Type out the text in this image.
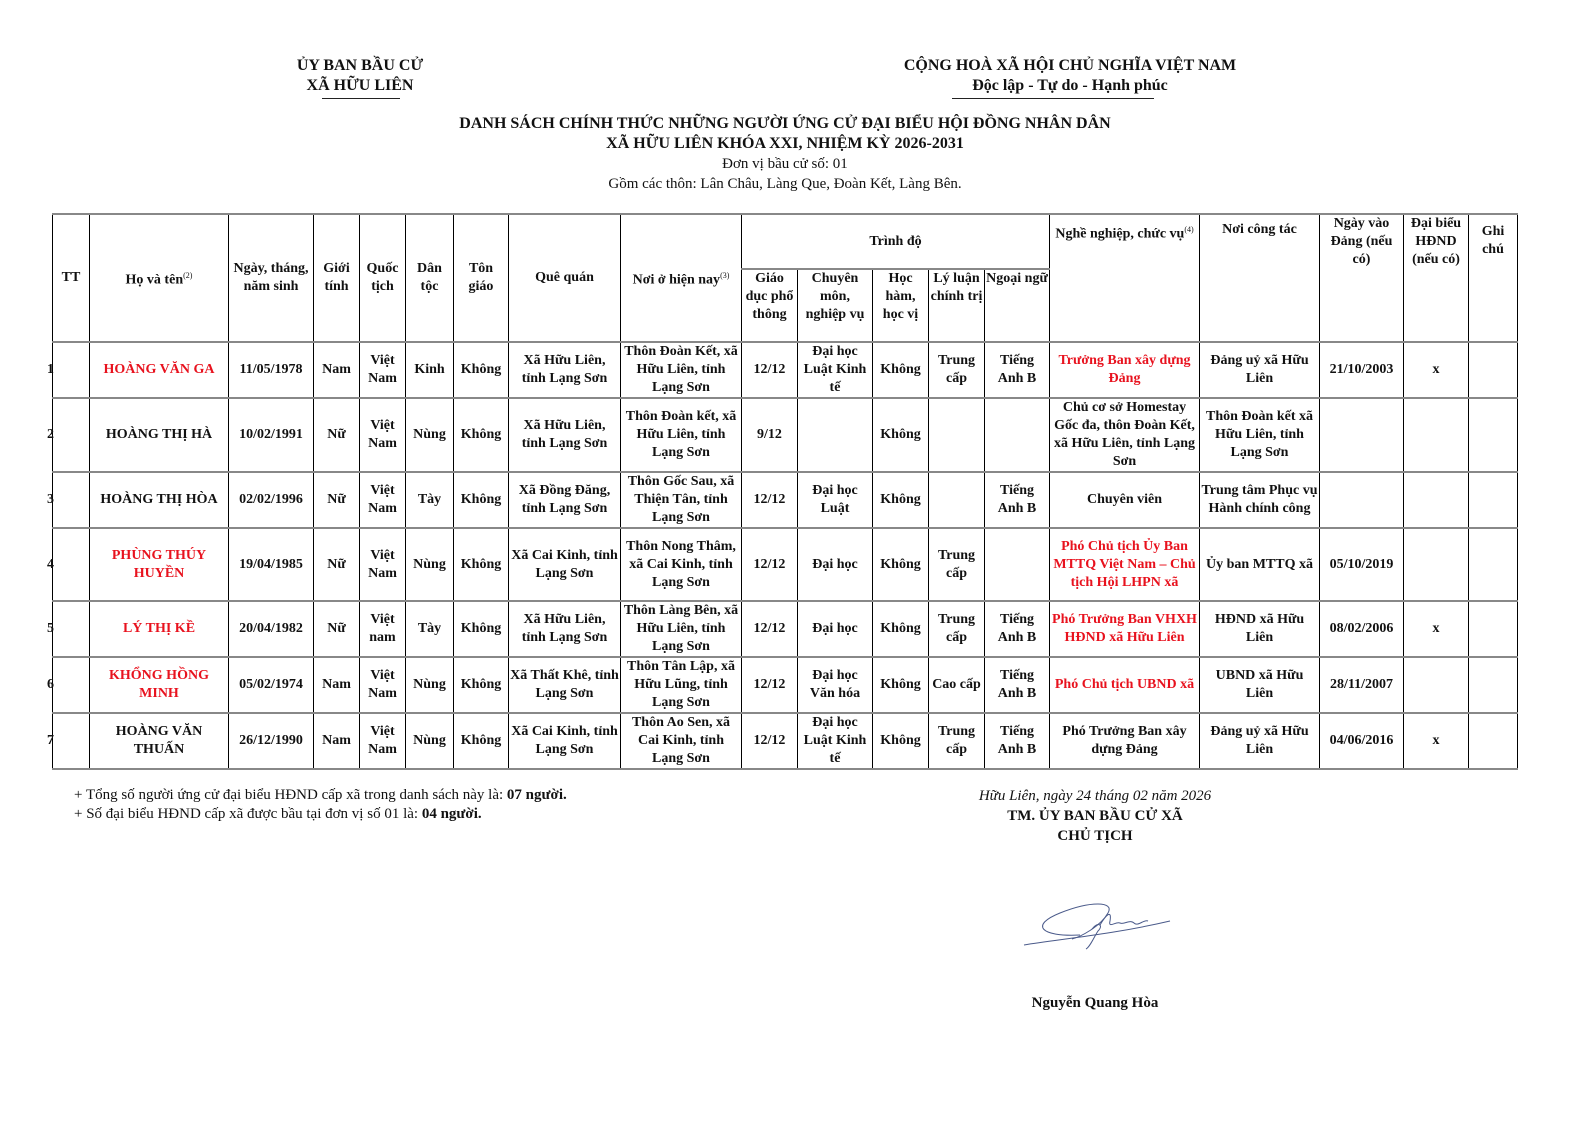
ỦY BAN BẦU CỬ
XÃ HỮU LIÊN
CỘNG HOÀ XÃ HỘI CHỦ NGHĨA VIỆT NAM
Độc lập - Tự do - Hạnh phúc
DANH SÁCH CHÍNH THỨC NHỮNG NGƯỜI ỨNG CỬ ĐẠI BIỂU HỘI ĐỒNG NHÂN DÂN
XÃ HỮU LIÊN KHÓA XXI, NHIỆM KỲ 2026-2031
Đơn vị bầu cử số: 01
Gồm các thôn: Lân Châu, Làng Que, Đoàn Kết, Làng Bên.
TT	Họ và tên$^{(2)}$	Ngày, tháng, năm sinh	Giới tính	Quốc tịch	Dân tộc	Tôn giáo	Quê quán	Nơi ở hiện nay$^{(3)}$	Trình độ					Nghề nghiệp, chức vụ$^{(4)}$	Nơi công tác	Ngày vào Đảng (nếu có)	Đại biểu HĐND (nếu có)	Ghi chú
									Giáo dục phổ thông	Chuyên môn, nghiệp vụ	Học hàm, học vị	Lý luận chính trị	Ngoại ngữ					

1	HOÀNG VĂN GA	11/05/1978	Nam	Việt Nam	Kinh	Không	Xã Hữu Liên, tỉnh Lạng Sơn	Thôn Đoàn Kết, xã Hữu Liên, tỉnh Lạng Sơn	12/12	Đại học Luật Kinh tế	Không	Trung cấp	Tiếng Anh B	Trưởng Ban xây dựng Đảng	Đảng uỷ xã Hữu Liên	21/10/2003	x	

2	HOÀNG THỊ HÀ	10/02/1991	Nữ	Việt Nam	Nùng	Không	Xã Hữu Liên, tỉnh Lạng Sơn	Thôn Đoàn kết, xã Hữu Liên, tỉnh Lạng Sơn	9/12		Không			Chủ cơ sở Homestay Gốc đa, thôn Đoàn Kết, xã Hữu Liên, tỉnh Lạng Sơn	Thôn Đoàn kết xã Hữu Liên, tỉnh Lạng Sơn			

3	HOÀNG THỊ HÒA	02/02/1996	Nữ	Việt Nam	Tày	Không	Xã Đồng Đăng, tỉnh Lạng Sơn	Thôn Gốc Sau, xã Thiện Tân, tỉnh Lạng Sơn	12/12	Đại học Luật	Không		Tiếng Anh B	Chuyên viên	Trung tâm Phục vụ Hành chính công			

4	PHÙNG THÚY HUYỀN	19/04/1985	Nữ	Việt Nam	Nùng	Không	Xã Cai Kinh, tỉnh Lạng Sơn	Thôn Nong Thâm, xã Cai Kinh, tỉnh Lạng Sơn	12/12	Đại học	Không	Trung cấp		Phó Chủ tịch Ủy Ban MTTQ Việt Nam – Chủ tịch Hội LHPN xã	Ủy ban MTTQ xã	05/10/2019		

5	LÝ THỊ KỀ	20/04/1982	Nữ	Việt nam	Tày	Không	Xã Hữu Liên, tỉnh Lạng Sơn	Thôn Làng Bên, xã Hữu Liên, tỉnh Lạng Sơn	12/12	Đại học	Không	Trung cấp	Tiếng Anh B	Phó Trưởng Ban VHXH HĐND xã Hữu Liên	HĐND xã Hữu Liên	08/02/2006	x	

6	KHỔNG HỒNG MINH	05/02/1974	Nam	Việt Nam	Nùng	Không	Xã Thất Khê, tỉnh Lạng Sơn	Thôn Tân Lập, xã Hữu Lũng, tỉnh Lạng Sơn	12/12	Đại học Văn hóa	Không	Cao cấp	Tiếng Anh B	Phó Chủ tịch UBND xã	UBND xã Hữu Liên	28/11/2007		

7	HOÀNG VĂN THUẤN	26/12/1990	Nam	Việt Nam	Nùng	Không	Xã Cai Kinh, tỉnh Lạng Sơn	Thôn Ao Sen, xã Cai Kinh, tỉnh Lạng Sơn	12/12	Đại học Luật Kinh tế	Không	Trung cấp	Tiếng Anh B	Phó Trưởng Ban xây dựng Đảng	Đảng uỷ xã Hữu Liên	04/06/2016	x	
+ Tổng số người ứng cử đại biểu HĐND cấp xã trong danh sách này là: 07 người.
+ Số đại biểu HĐND cấp xã được bầu tại đơn vị số 01 là: 04 người.
Hữu Liên, ngày 24 tháng 02 năm 2026
TM. ỦY BAN BẦU CỬ XÃ
CHỦ TỊCH
Nguyễn Quang Hòa
